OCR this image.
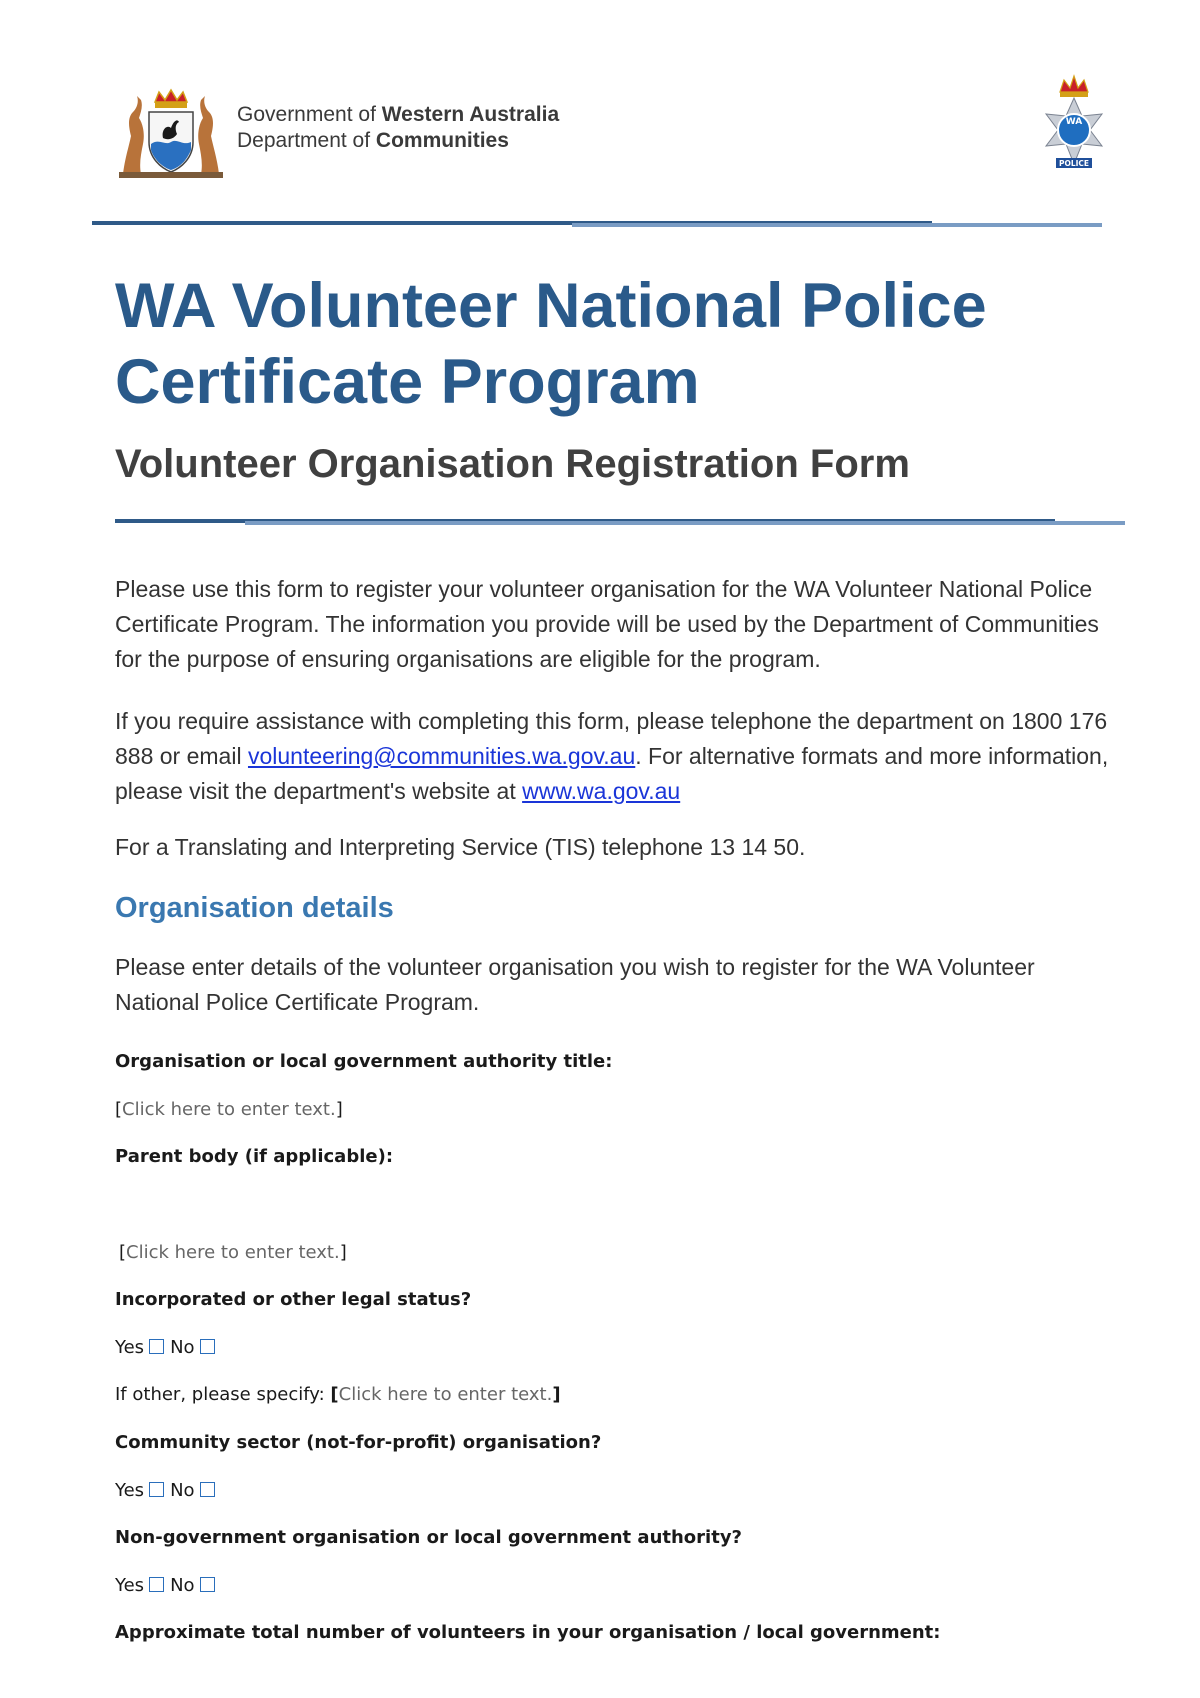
Government of Western Australia
Department of Communities
WA
POLICE
WA Volunteer National Police Certificate Program
Volunteer Organisation Registration Form

Please use this form to register your volunteer organisation for the WA Volunteer National Police Certificate Program. The information you provide will be used by the Department of Communities for the purpose of ensuring organisations are eligible for the program.

If you require assistance with completing this form, please telephone the department on 1800 176 888 or email volunteering@communities.wa.gov.au. For alternative formats and more information, please visit the department's website at www.wa.gov.au

For a Translating and Interpreting Service (TIS) telephone 13 14 50.

Organisation details

Please enter details of the volunteer organisation you wish to register for the WA Volunteer National Police Certificate Program.

Organisation or local government authority title:

[Click here to enter text.]

Parent body (if applicable):

[Click here to enter text.]

Incorporated or other legal status?

Yes No

If other, please specify: [Click here to enter text.]

Community sector (not-for-profit) organisation?

Yes No

Non-government organisation or local government authority?

Yes No

Approximate total number of volunteers in your organisation / local government:
